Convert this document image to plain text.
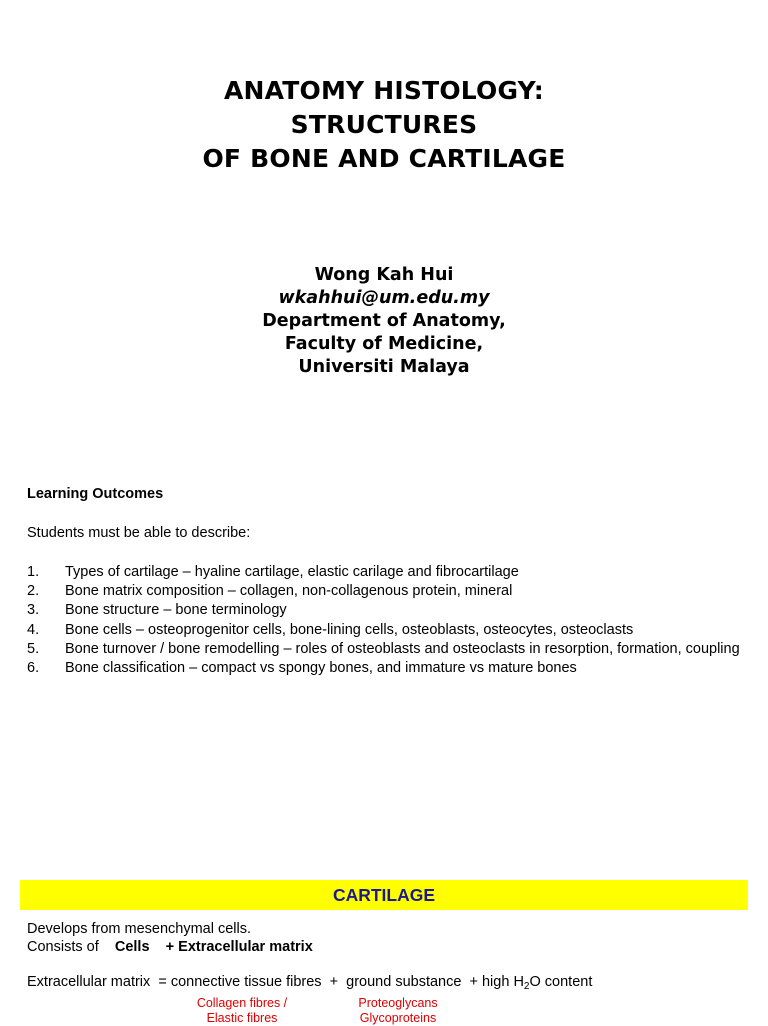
ANATOMY HISTOLOGY:
STRUCTURES
OF BONE AND CARTILAGE
Wong Kah Hui
wkahhui@um.edu.my
Department of Anatomy,
Faculty of Medicine,
Universiti Malaya
Learning Outcomes
Students must be able to describe:
1.	Types of cartilage – hyaline cartilage, elastic carilage and fibrocartilage
2.	Bone matrix composition – collagen, non-collagenous protein, mineral
3.	Bone structure – bone terminology
4.	Bone cells – osteoprogenitor cells, bone-lining cells, osteoblasts, osteocytes, osteoclasts
5.	Bone turnover / bone remodelling – roles of osteoblasts and osteoclasts in resorption, formation, coupling
6.	Bone classification – compact vs spongy bones, and immature vs mature bones
CARTILAGE
Develops from mesenchymal cells.
Consists of Cells + Extracellular matrix
Extracellular matrix = connective tissue fibres + ground substance + high $H_2O$ content
Collagen fibres /
Elastic fibres
Proteoglycans
Glycoproteins
